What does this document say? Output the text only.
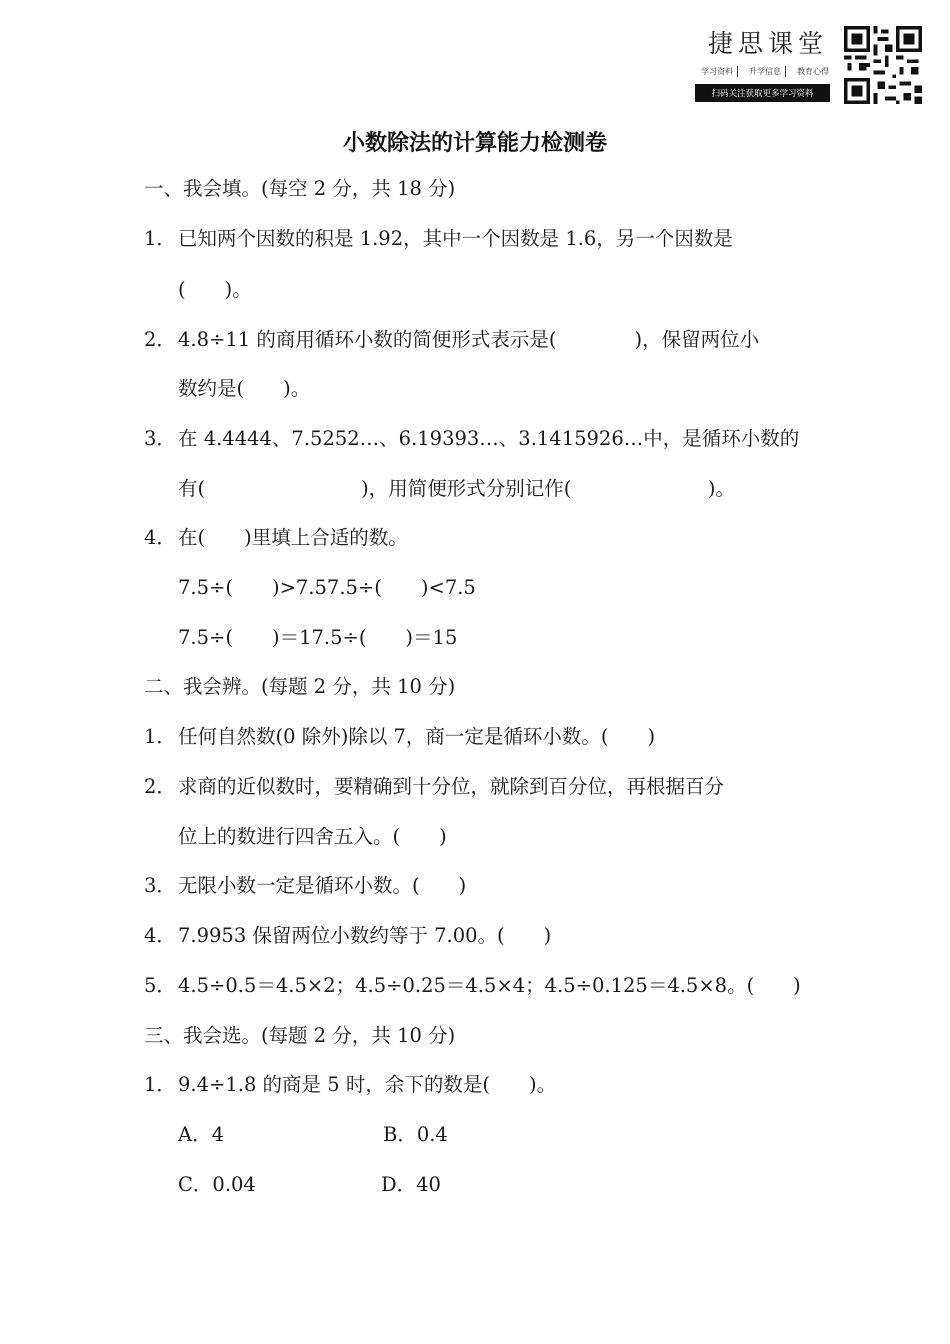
捷思课堂
学习资料	升学信息	教育心得
扫码关注获取更多学习资料
小数除法的计算能力检测卷
一、我会填。(每空 2 分，共 18 分)
1． 已知两个因数的积是 1.92，其中一个因数是 1.6，另一个因数是
(　　)。
2． 4.8÷11 的商用循环小数的简便形式表示是(　　　　)，保留两位小
数约是(　　)。
3． 在 4.4444、7.5252…、6.19393…、3.1415926…中，是循环小数的
有(　　　　　　　　)，用简便形式分别记作(　　　　　　　)。
4． 在(　　)里填上合适的数。
7.5÷(　　)>7.57.5÷(　　)<7.5
7.5÷(　　)＝17.5÷(　　)＝15
二、我会辨。(每题 2 分，共 10 分)
1． 任何自然数(0 除外)除以 7，商一定是循环小数。(　　)
2． 求商的近似数时，要精确到十分位，就除到百分位，再根据百分
位上的数进行四舍五入。(　　)
3． 无限小数一定是循环小数。(　　)
4． 7.9953 保留两位小数约等于 7.00。(　　)
5． 4.5÷0.5＝4.5×2；4.5÷0.25＝4.5×4；4.5÷0.125＝4.5×8。(　　)
三、我会选。(每题 2 分，共 10 分)
1． 9.4÷1.8 的商是 5 时，余下的数是(　　)。
A．4	B．0.4
C．0.04	D．40
